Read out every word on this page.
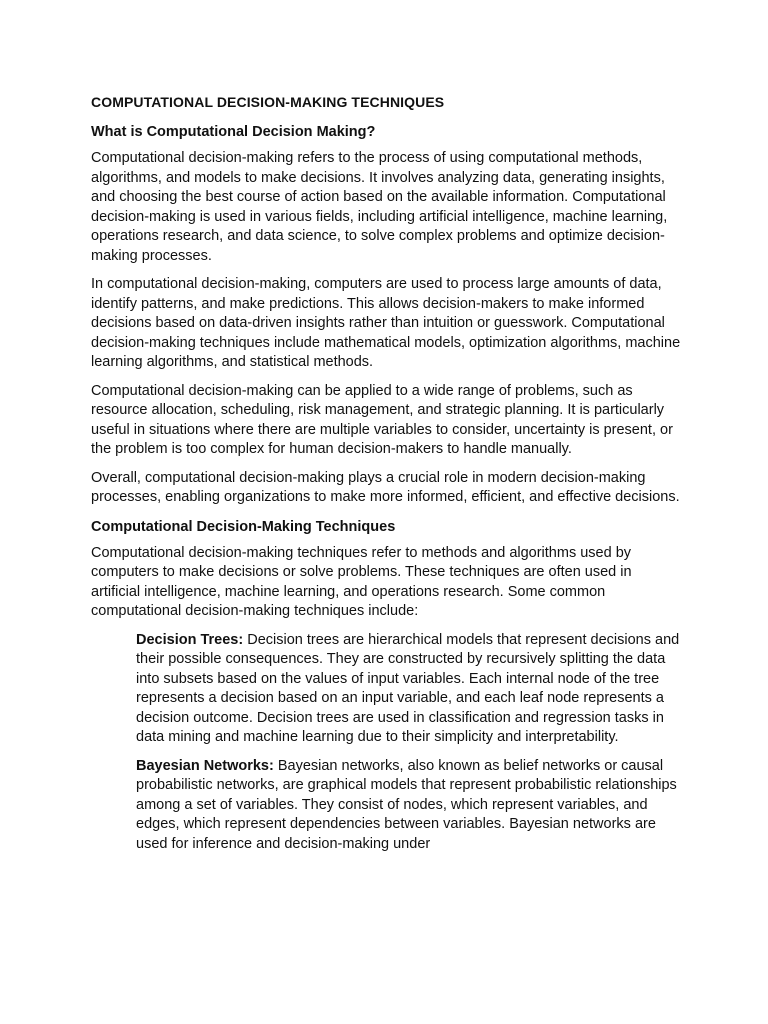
COMPUTATIONAL DECISION-MAKING TECHNIQUES
What is Computational Decision Making?

Computational decision-making refers to the process of using computational methods, algorithms, and models to make decisions. It involves analyzing data, generating insights, and choosing the best course of action based on the available information. Computational decision-making is used in various fields, including artificial intelligence, machine learning, operations research, and data science, to solve complex problems and optimize decision-making processes.

In computational decision-making, computers are used to process large amounts of data, identify patterns, and make predictions. This allows decision-makers to make informed decisions based on data-driven insights rather than intuition or guesswork. Computational decision-making techniques include mathematical models, optimization algorithms, machine learning algorithms, and statistical methods.

Computational decision-making can be applied to a wide range of problems, such as resource allocation, scheduling, risk management, and strategic planning. It is particularly useful in situations where there are multiple variables to consider, uncertainty is present, or the problem is too complex for human decision-makers to handle manually.

Overall, computational decision-making plays a crucial role in modern decision-making processes, enabling organizations to make more informed, efficient, and effective decisions.

Computational Decision-Making Techniques

Computational decision-making techniques refer to methods and algorithms used by computers to make decisions or solve problems. These techniques are often used in artificial intelligence, machine learning, and operations research. Some common computational decision-making techniques include:

Decision Trees: Decision trees are hierarchical models that represent decisions and their possible consequences. They are constructed by recursively splitting the data into subsets based on the values of input variables. Each internal node of the tree represents a decision based on an input variable, and each leaf node represents a decision outcome. Decision trees are used in classification and regression tasks in data mining and machine learning due to their simplicity and interpretability.

Bayesian Networks: Bayesian networks, also known as belief networks or causal probabilistic networks, are graphical models that represent probabilistic relationships among a set of variables. They consist of nodes, which represent variables, and edges, which represent dependencies between variables. Bayesian networks are used for inference and decision-making under
